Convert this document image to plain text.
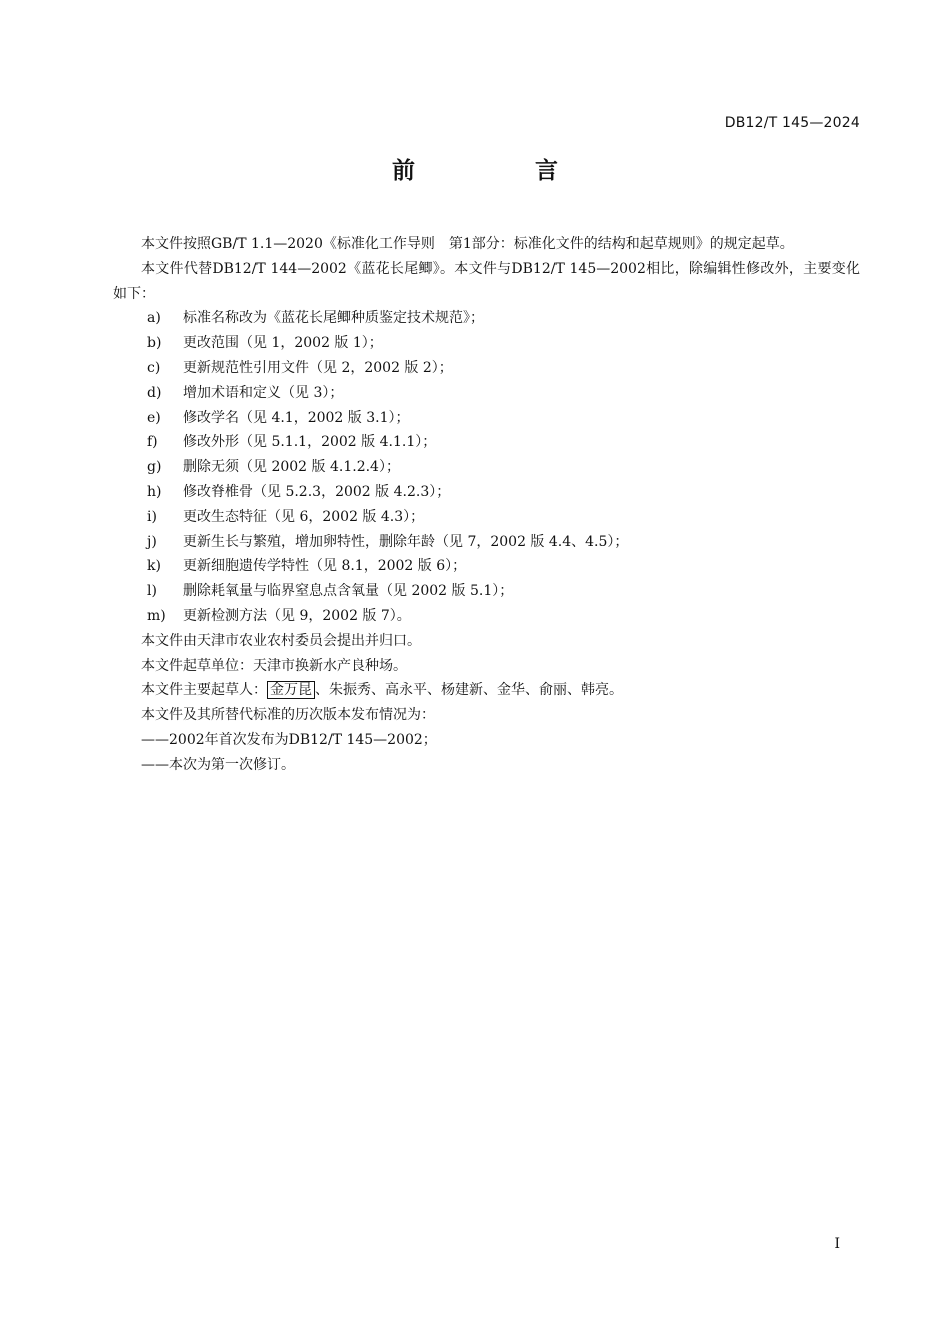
DB12/T 145—2024
前 言

本文件按照GB/T 1.1—2020《标准化工作导则　第1部分：标准化文件的结构和起草规则》的规定起草。

本文件代替DB12/T 144—2002《蓝花长尾鲫》。本文件与DB12/T 145—2002相比，除编辑性修改外，主要变化如下：

a)	标准名称改为《蓝花长尾鲫种质鉴定技术规范》；
b)	更改范围（见 1，2002 版 1）；
c)	更新规范性引用文件（见 2，2002 版 2）；
d)	增加术语和定义（见 3）；
e)	修改学名（见 4.1，2002 版 3.1）；
f)	修改外形（见 5.1.1，2002 版 4.1.1）；
g)	删除无须（见 2002 版 4.1.2.4）；
h)	修改脊椎骨（见 5.2.3，2002 版 4.2.3）；
i)	更改生态特征（见 6，2002 版 4.3）；
j)	更新生长与繁殖，增加卵特性，删除年龄（见 7，2002 版 4.4、4.5）；
k)	更新细胞遗传学特性（见 8.1，2002 版 6）；
l)	删除耗氧量与临界窒息点含氧量（见 2002 版 5.1）；
m)	更新检测方法（见 9，2002 版 7）。

本文件由天津市农业农村委员会提出并归口。

本文件起草单位：天津市换新水产良种场。

本文件主要起草人： 金万昆 、朱振秀、高永平、杨建新、金华、俞丽、韩亮。

本文件及其所替代标准的历次版本发布情况为：

——2002年首次发布为DB12/T 145—2002；

——本次为第一次修订。

I
